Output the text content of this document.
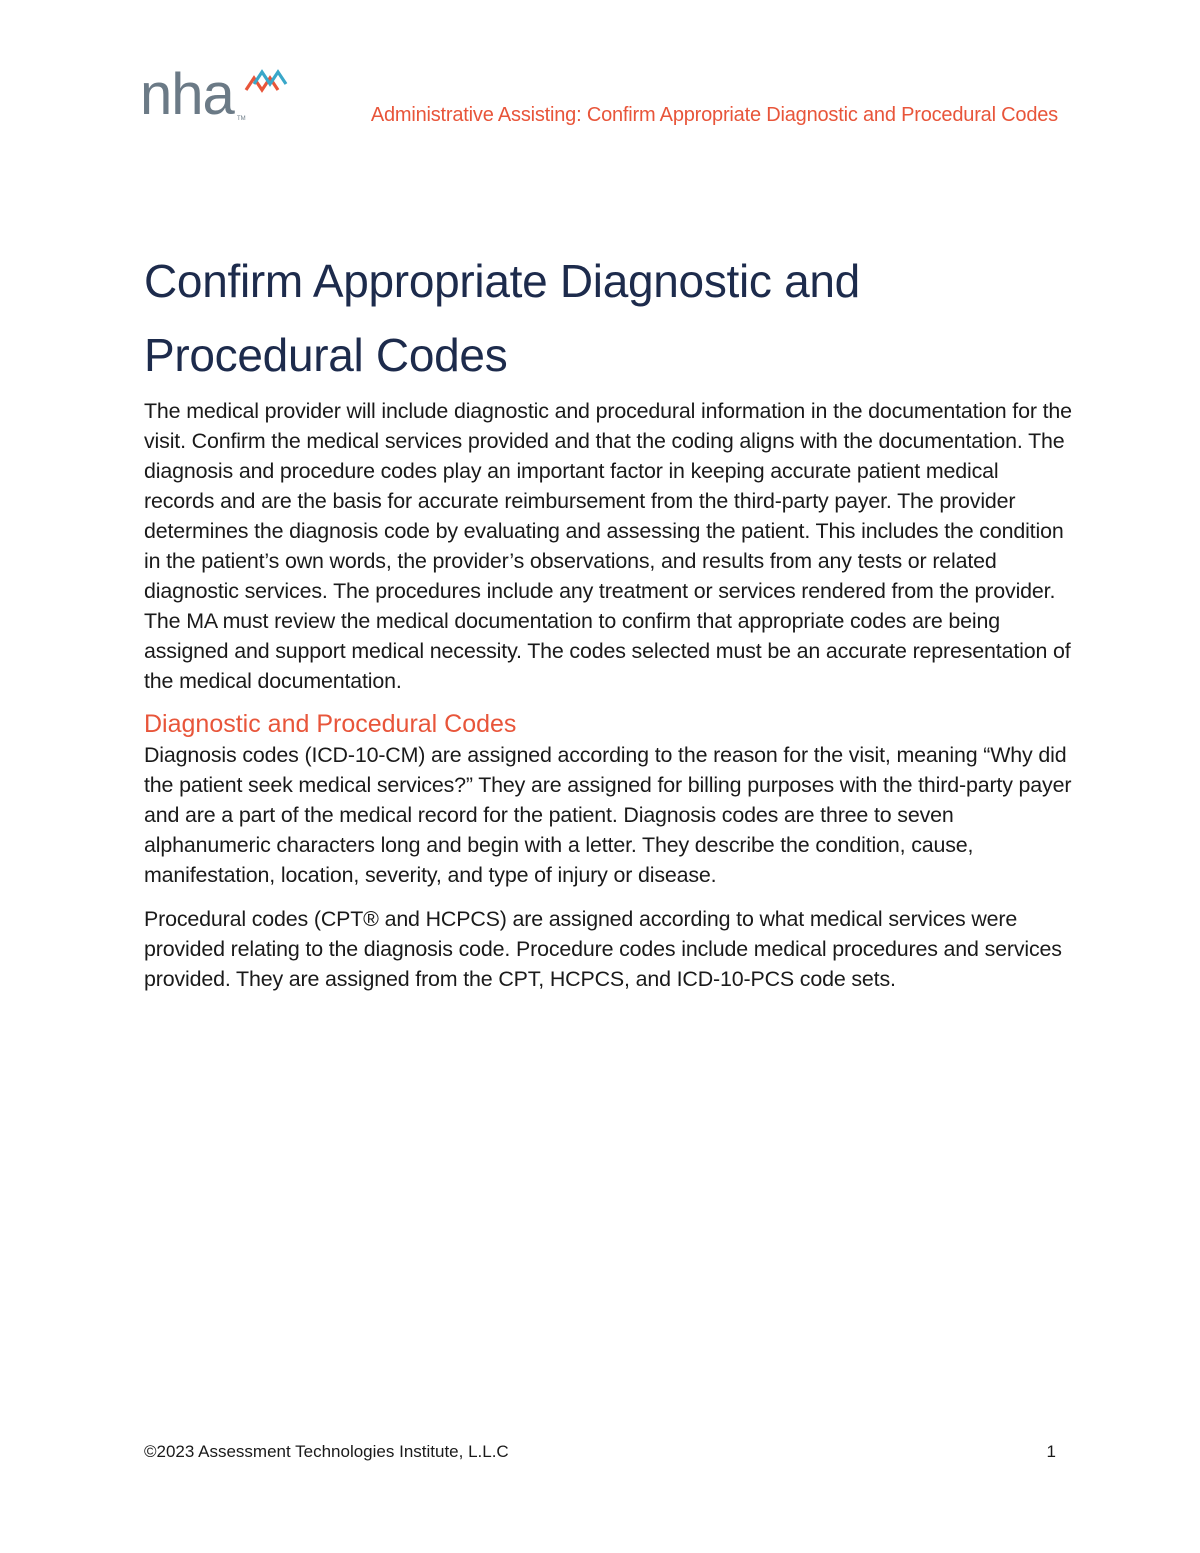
nha TM	Administrative Assisting: Confirm Appropriate Diagnostic and Procedural Codes
Confirm Appropriate Diagnostic and Procedural Codes

The medical provider will include diagnostic and procedural information in the documentation for the visit. Confirm the medical services provided and that the coding aligns with the documentation. The diagnosis and procedure codes play an important factor in keeping accurate patient medical records and are the basis for accurate reimbursement from the third-party payer. The provider determines the diagnosis code by evaluating and assessing the patient. This includes the condition in the patient’s own words, the provider’s observations, and results from any tests or related diagnostic services. The procedures include any treatment or services rendered from the provider. The MA must review the medical documentation to confirm that appropriate codes are being assigned and support medical necessity. The codes selected must be an accurate representation of the medical documentation.

Diagnostic and Procedural Codes

Diagnosis codes (ICD-10-CM) are assigned according to the reason for the visit, meaning “Why did the patient seek medical services?” They are assigned for billing purposes with the third-party payer and are a part of the medical record for the patient. Diagnosis codes are three to seven alphanumeric characters long and begin with a letter. They describe the condition, cause, manifestation, location, severity, and type of injury or disease.

Procedural codes (CPT® and HCPCS) are assigned according to what medical services were provided relating to the diagnosis code. Procedure codes include medical procedures and services provided. They are assigned from the CPT, HCPCS, and ICD-10-PCS code sets.

©2023 Assessment Technologies Institute, L.L.C	1
